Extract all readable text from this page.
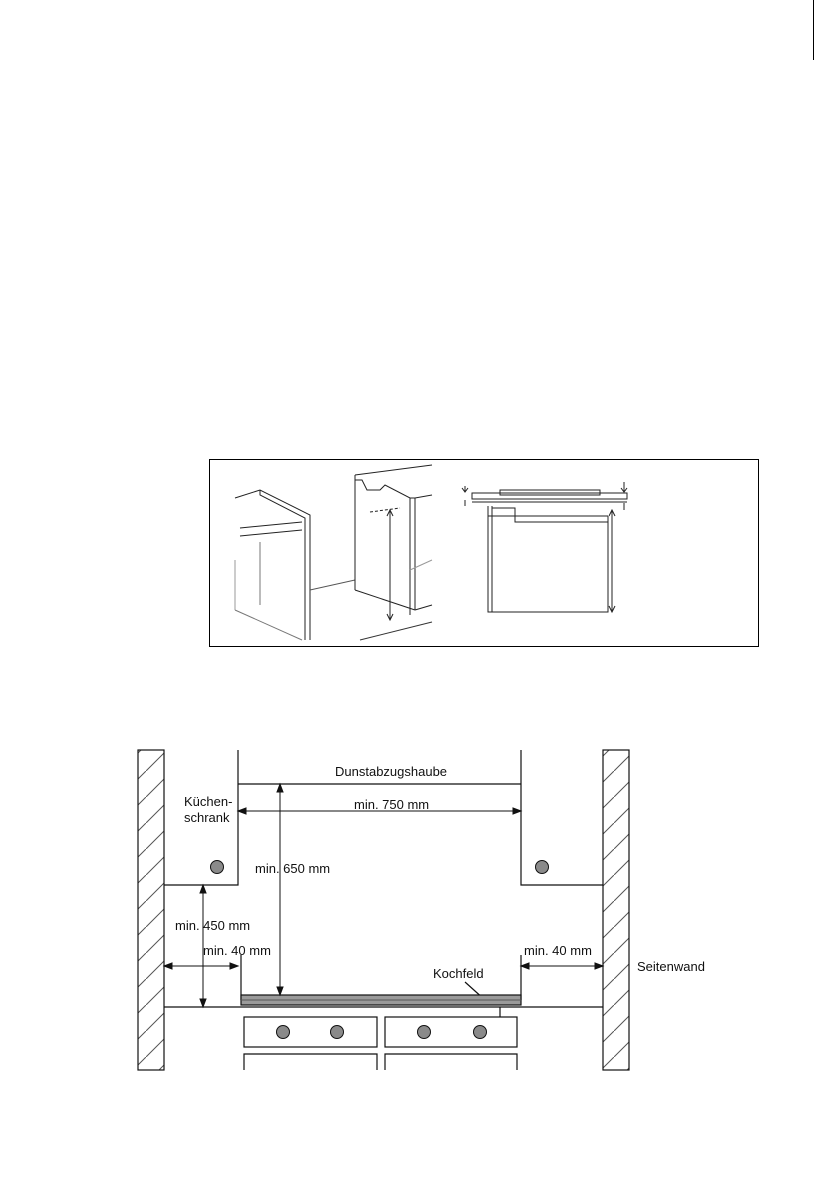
Dunstabzugshaube
Küchen-
schrank
min. 750 mm
min. 650 mm
min. 450 mm
min. 40 mm	min. 40 mm
Kochfeld	Seitenwand
